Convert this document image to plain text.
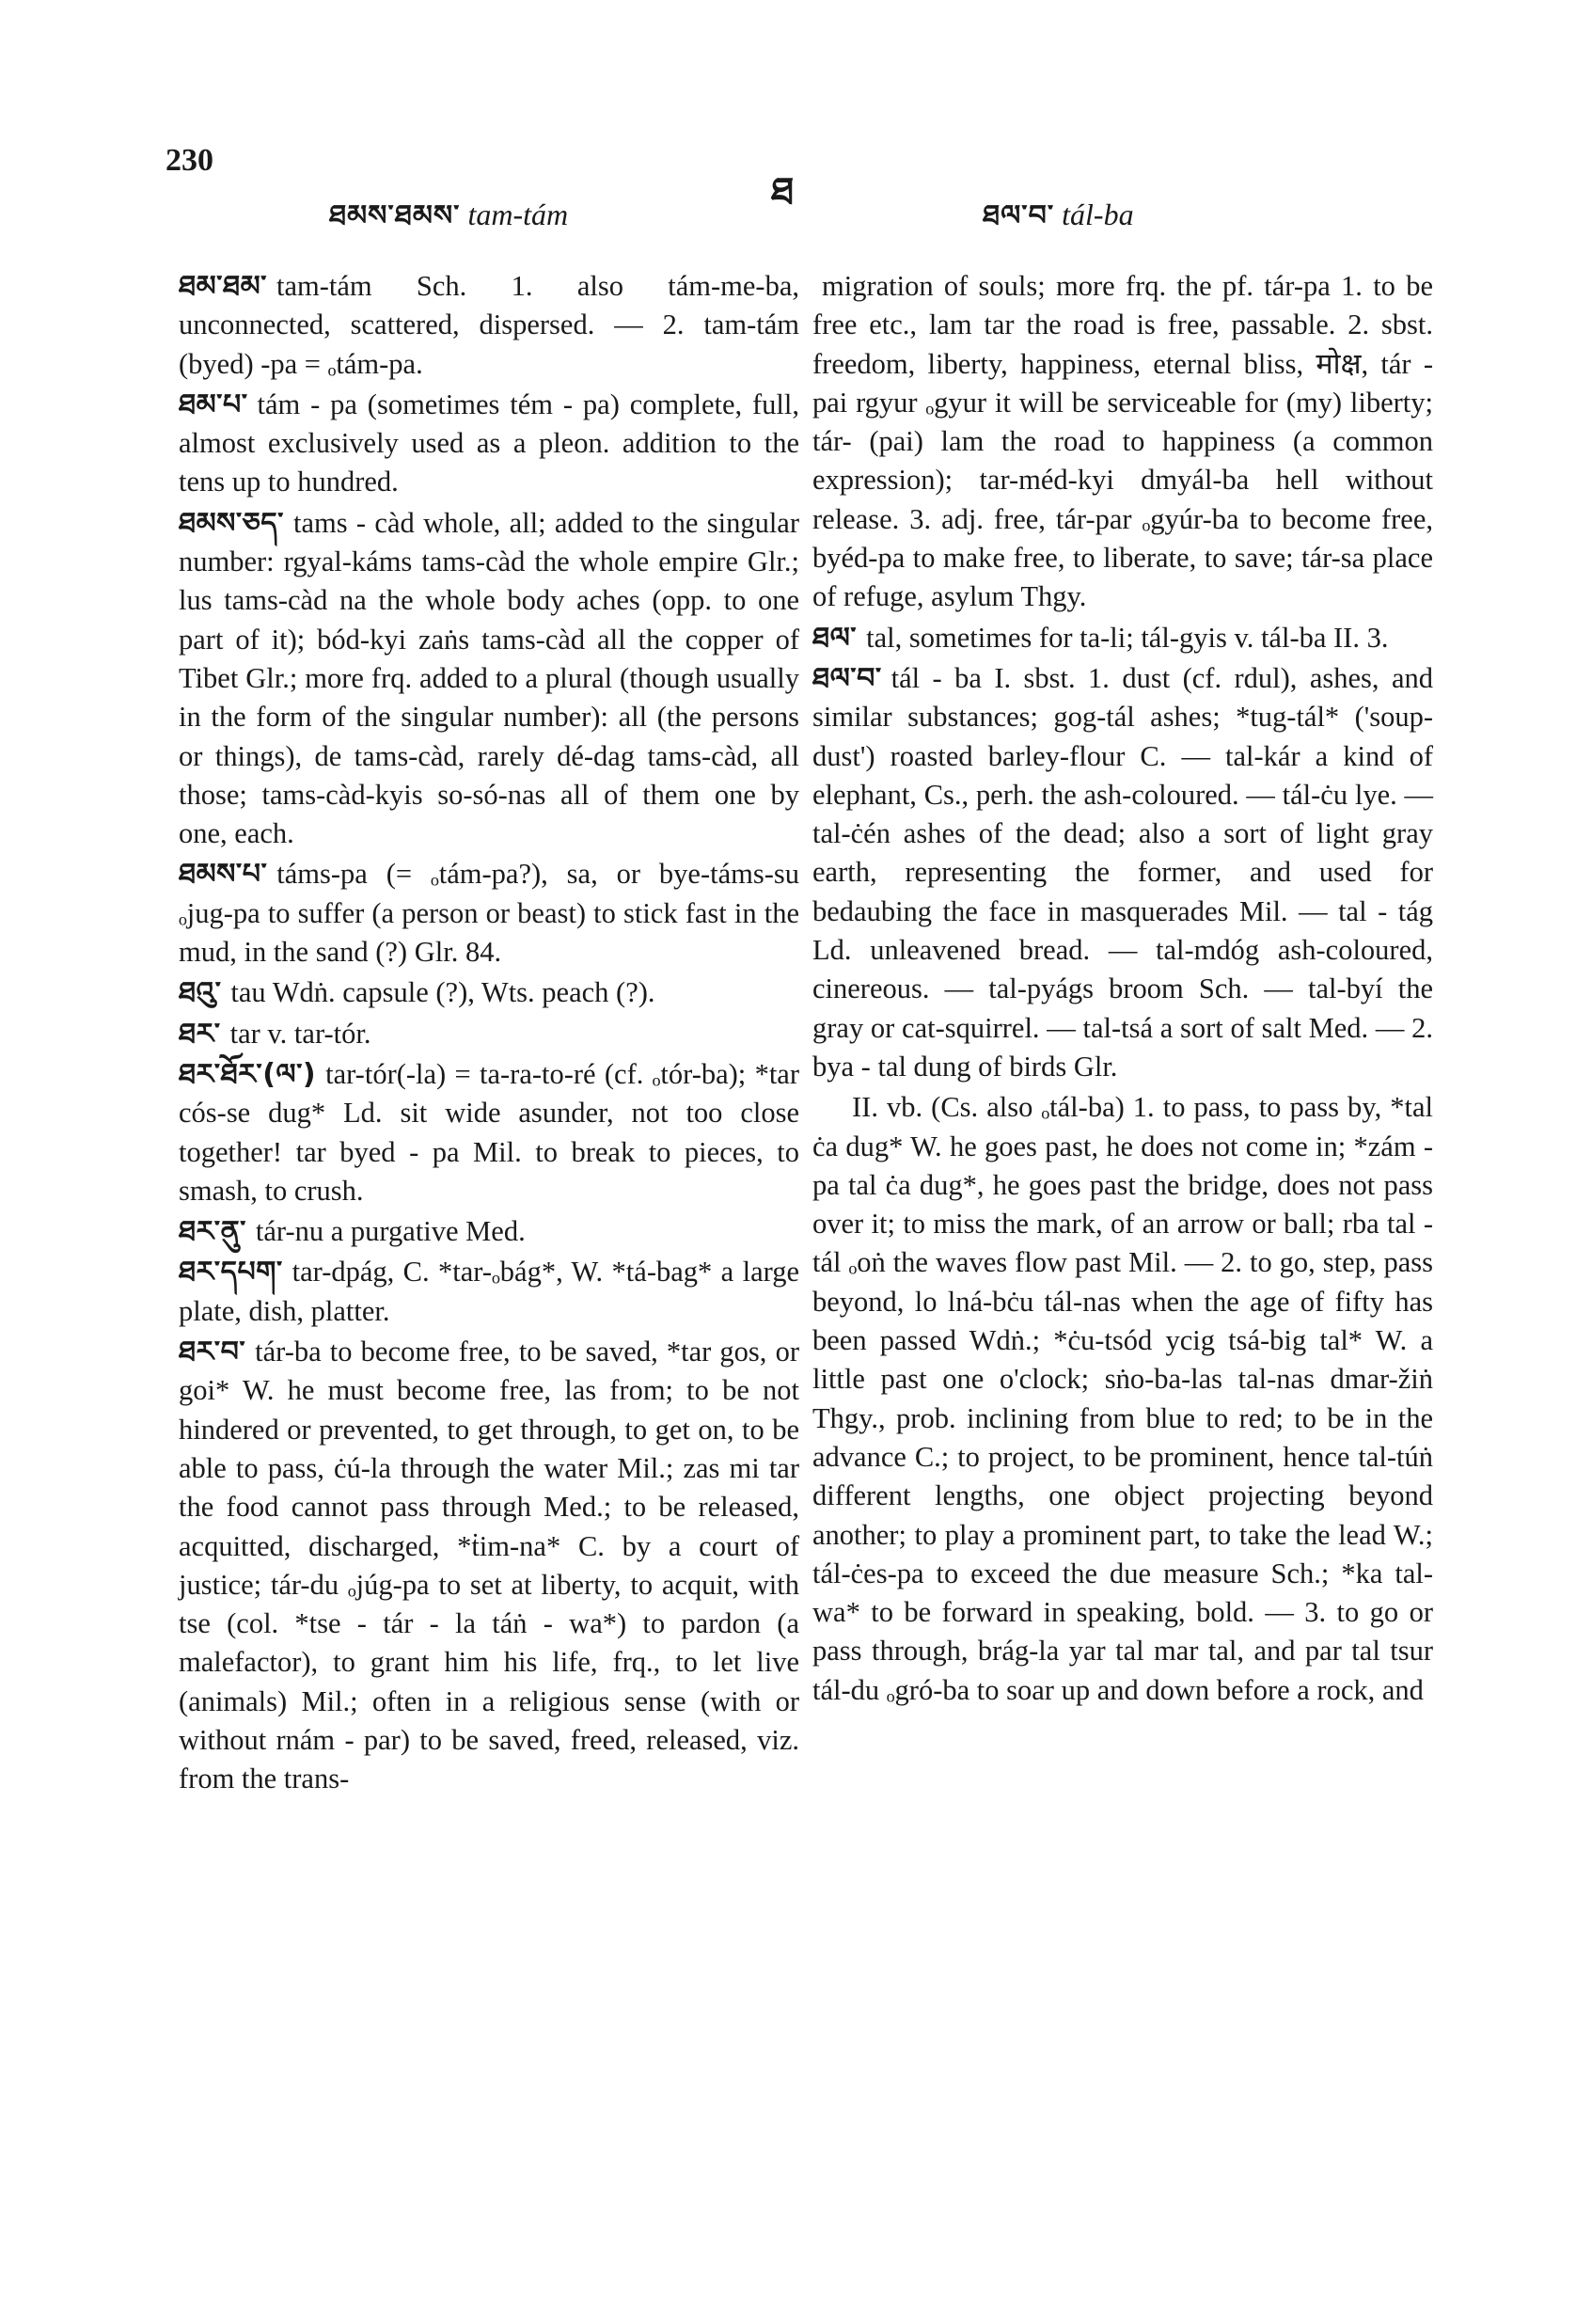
230
ཐ
ཐམས་ཐམས་ tam-tám	ཐལ་བ་ tál-ba

ཐམ་ཐམ་ tam-tám Sch. 1. also tám-me-ba, unconnected, scattered, dispersed. — 2. tam-tám (byed) -pa = ₒtám-pa.

ཐམ་པ་ tám - pa (sometimes tém - pa) complete, full, almost exclusively used as a pleon. addition to the tens up to hundred.

ཐམས་ཅད་ tams - càd whole, all; added to the singular number: rgyal-káms tams-càd the whole empire Glr.; lus tams-càd na the whole body aches (opp. to one part of it); bód-kyi zaṅs tams-càd all the copper of Tibet Glr.; more frq. added to a plural (though usually in the form of the singular number): all (the persons or things), de tams-càd, rarely dé-dag tams-càd, all those; tams-càd-kyis so-só-nas all of them one by one, each.

ཐམས་པ་ táms-pa (= ₒtám-pa?), sa, or bye-táms-su ₒjug-pa to suffer (a person or beast) to stick fast in the mud, in the sand (?) Glr. 84.

ཐའུ་ tau Wdṅ. capsule (?), Wts. peach (?).

ཐར་ tar v. tar-tór.

ཐར་ཐོར་(ལ་) tar-tór(-la) = ta-ra-to-ré (cf. ₒtór-ba); *tar cós-se dug* Ld. sit wide asunder, not too close together! tar byed - pa Mil. to break to pieces, to smash, to crush.

ཐར་ནུ་ tár-nu a purgative Med.

ཐར་དཔག་ tar-dpág, C. *tar-ₒbág*, W. *tá-bag* a large plate, dish, platter.

ཐར་བ་ tár-ba to become free, to be saved, *tar gos, or goi* W. he must become free, las from; to be not hindered or prevented, to get through, to get on, to be able to pass, ċú-la through the water Mil.; zas mi tar the food cannot pass through Med.; to be released, acquitted, discharged, *ṫim-na* C. by a court of justice; tár-du ₒjúg-pa to set at liberty, to acquit, with tse (col. *tse - tár - la táṅ - wa*) to pardon (a malefactor), to grant him his life, frq., to let live (animals) Mil.; often in a religious sense (with or without rnám - par) to be saved, freed, released, viz. from the trans-

migration of souls; more frq. the pf. tár-pa 1. to be free etc., lam tar the road is free, passable. 2. sbst. freedom, liberty, happiness, eternal bliss, मोक्ष, tár - pai rgyur ₒgyur it will be serviceable for (my) liberty; tár- (pai) lam the road to happiness (a common expression); tar-méd-kyi dmyál-ba hell without release. 3. adj. free, tár-par ₒgyúr-ba to become free, byéd-pa to make free, to liberate, to save; tár-sa place of refuge, asylum Thgy.

ཐལ་ tal, sometimes for ta-li; tál-gyis v. tál-ba II. 3.

ཐལ་བ་ tál - ba I. sbst. 1. dust (cf. rdul), ashes, and similar substances; gog-tál ashes; *tug-tál* ('soup-dust') roasted barley-flour C. — tal-kár a kind of elephant, Cs., perh. the ash-coloured. — tál-ċu lye. — tal-ċén ashes of the dead; also a sort of light gray earth, representing the former, and used for bedaubing the face in masquerades Mil. — tal - tág Ld. unleavened bread. — tal-mdóg ash-coloured, cinereous. — tal-pyágs broom Sch. — tal-byí the gray or cat-squirrel. — tal-tsá a sort of salt Med. — 2. bya - tal dung of birds Glr.

II. vb. (Cs. also ₒtál-ba) 1. to pass, to pass by, *tal ċa dug* W. he goes past, he does not come in; *zám - pa tal ċa dug*, he goes past the bridge, does not pass over it; to miss the mark, of an arrow or ball; rba tal - tál ₒoṅ the waves flow past Mil. — 2. to go, step, pass beyond, lo lná-bċu tál-nas when the age of fifty has been passed Wdṅ.; *ċu-tsód ycig tsá-big tal* W. a little past one o'clock; sṅo-ba-las tal-nas dmar-žiṅ Thgy., prob. inclining from blue to red; to be in the advance C.; to project, to be prominent, hence tal-túṅ different lengths, one object projecting beyond another; to play a prominent part, to take the lead W.; tál-ċes-pa to exceed the due measure Sch.; *ka tal-wa* to be forward in speaking, bold. — 3. to go or pass through, brág-la yar tal mar tal, and par tal tsur tál-du ₒgró-ba to soar up and down before a rock, and
